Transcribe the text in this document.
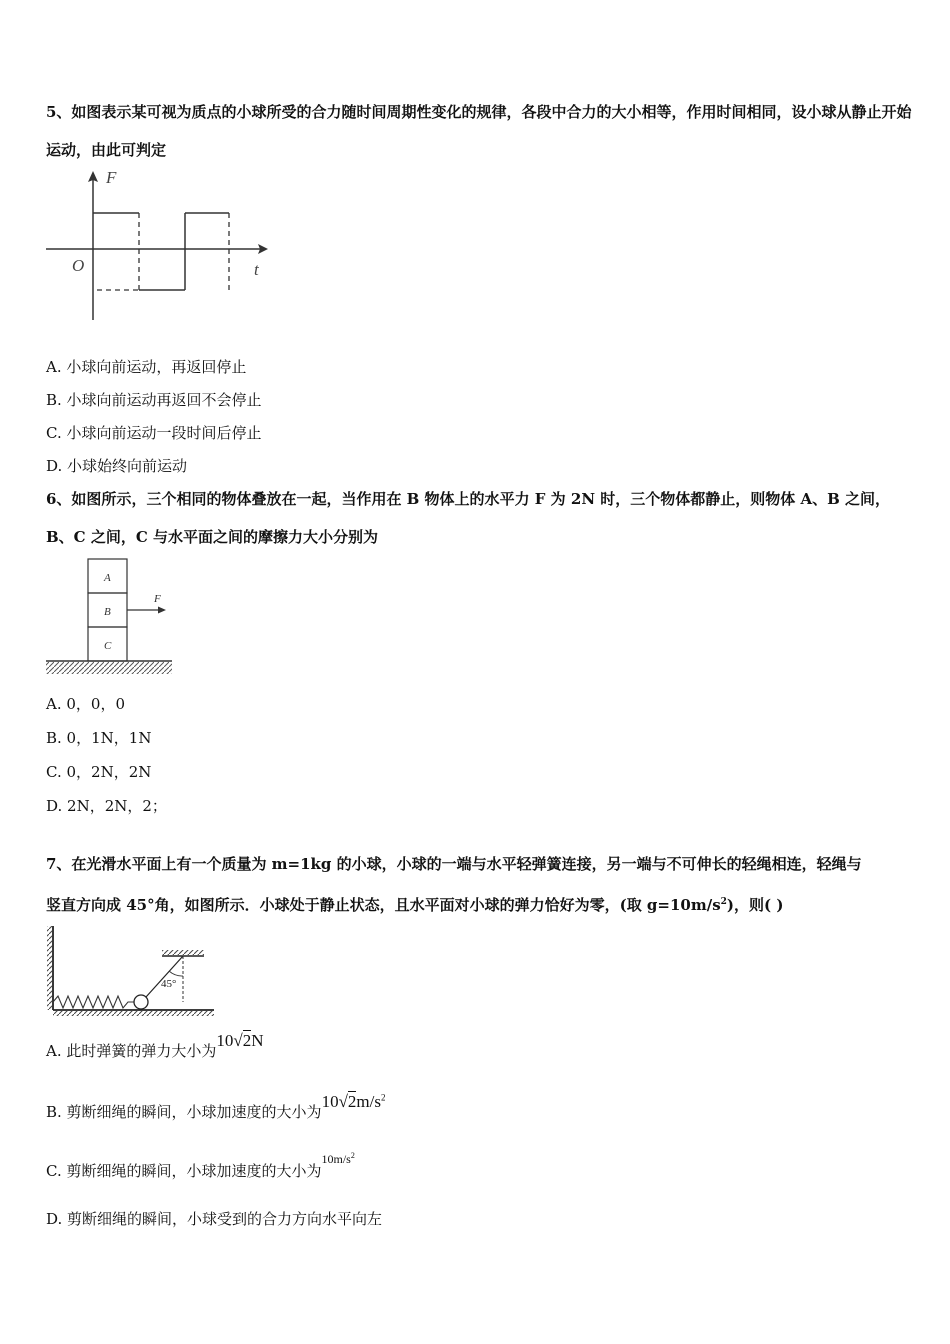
5、如图表示某可视为质点的小球所受的合力随时间周期性变化的规律，各段中合力的大小相等，作用时间相同，设小球从静止开始运动，由此可判定
F
O	t
A. 小球向前运动，再返回停止
B. 小球向前运动再返回不会停止
C. 小球向前运动一段时间后停止
D. 小球始终向前运动
6、如图所示，三个相同的物体叠放在一起，当作用在 B 物体上的水平力 F 为 2N 时，三个物体都静止，则物体 A、B 之间，
B、C 之间，C 与水平面之间的摩擦力大小分别为
A
B
C
F
A. 0，0，0
B. 0，1N，1N
C. 0，2N，2N
D. 2N，2N，2；
7、在光滑水平面上有一个质量为 m=1kg 的小球，小球的一端与水平轻弹簧连接，另一端与不可伸长的轻绳相连，轻绳与
竖直方向成 45°角，如图所示．小球处于静止状态，且水平面对小球的弹力恰好为零，(取 $g=10m/s^2$)，则( )
45°
A. 此时弹簧的弹力大小为10√2N
B. 剪断细绳的瞬间，小球加速度的大小为$10√2m/s^2$
C. 剪断细绳的瞬间，小球加速度的大小为$^{10m/s^2}$
D. 剪断细绳的瞬间，小球受到的合力方向水平向左
